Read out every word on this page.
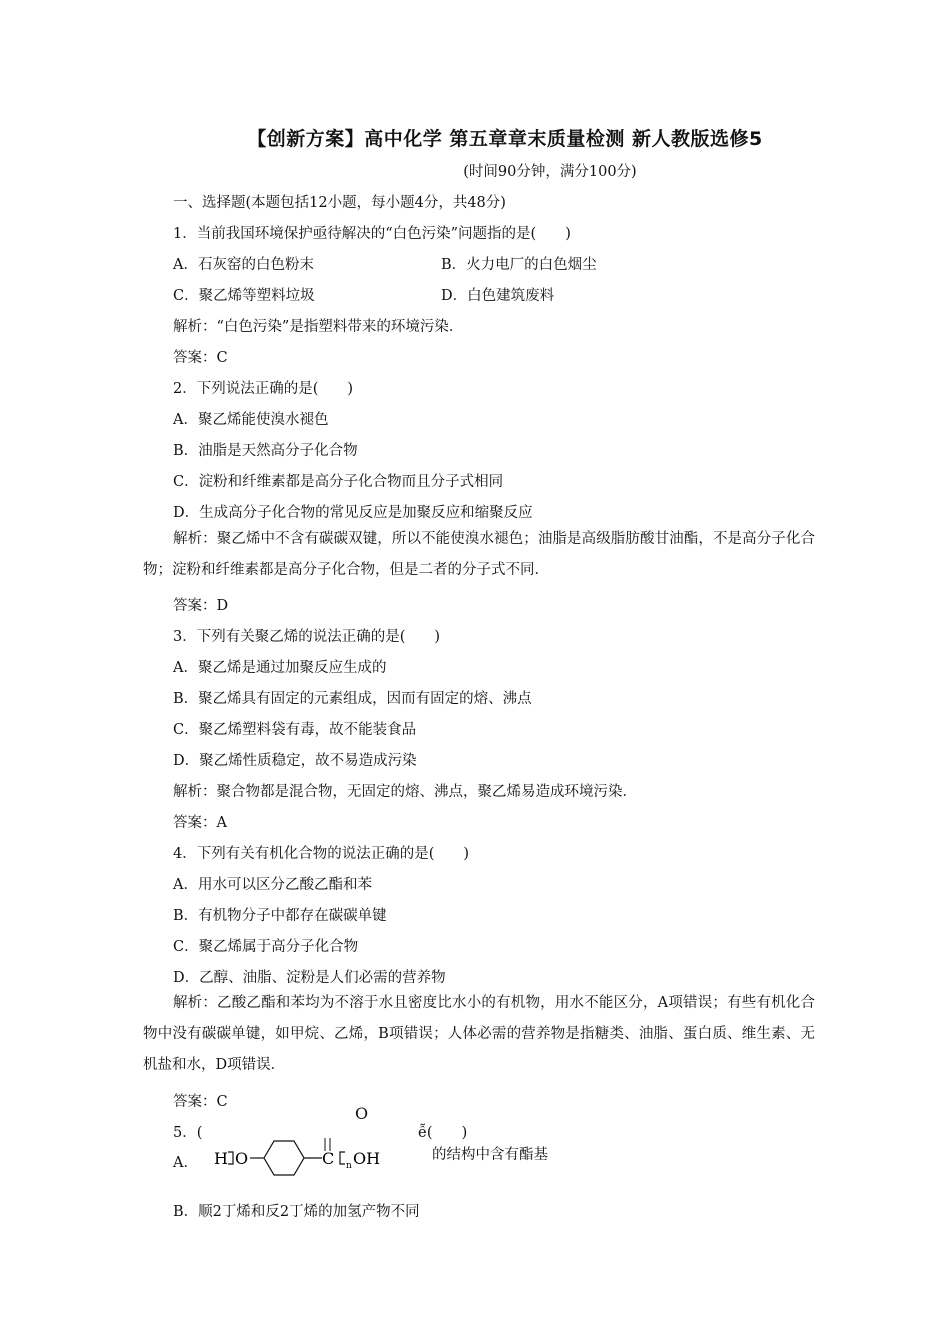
【创新方案】高中化学 第五章章末质量检测 新人教版选修5
(时间90分钟，满分100分)
一、选择题(本题包括12小题，每小题4分，共48分)
1．当前我国环境保护亟待解决的“白色污染”问题指的是(　　)
A．石灰窑的白色粉末	B．火力电厂的白色烟尘
C．聚乙烯等塑料垃圾	D．白色建筑废料
解析：“白色污染”是指塑料带来的环境污染．
答案：C
2．下列说法正确的是(　　)
A．聚乙烯能使溴水褪色
B．油脂是天然高分子化合物
C．淀粉和纤维素都是高分子化合物而且分子式相同
D．生成高分子化合物的常见反应是加聚反应和缩聚反应
解析：聚乙烯中不含有碳碳双键，所以不能使溴水褪色；油脂是高级脂肪酸甘油酯，不是高分子化合物；淀粉和纤维素都是高分子化合物，但是二者的分子式不同．
答案：D
3．下列有关聚乙烯的说法正确的是(　　)
A．聚乙烯是通过加聚反应生成的
B．聚乙烯具有固定的元素组成，因而有固定的熔、沸点
C．聚乙烯塑料袋有毒，故不能装食品
D．聚乙烯性质稳定，故不易造成污染
解析：聚合物都是混合物，无固定的熔、沸点，聚乙烯易造成环境污染．
答案：A
4．下列有关有机化合物的说法正确的是(　　)
A．用水可以区分乙酸乙酯和苯
B．有机物分子中都存在碳碳单键
C．聚乙烯属于高分子化合物
D．乙醇、油脂、淀粉是人们必需的营养物
解析：乙酸乙酯和苯均为不溶于水且密度比水小的有机物，用水不能区分，A项错误；有些有机化合物中没有碳碳单键，如甲烷、乙烯，B项错误；人体必需的营养物是指糖类、油脂、蛋白质、维生素、无机盐和水，D项错误．
答案：C
5．(	ễ(　　)
A． H O	C n OH
O
的结构中含有酯基
B．顺2丁烯和反2丁烯的加氢产物不同
